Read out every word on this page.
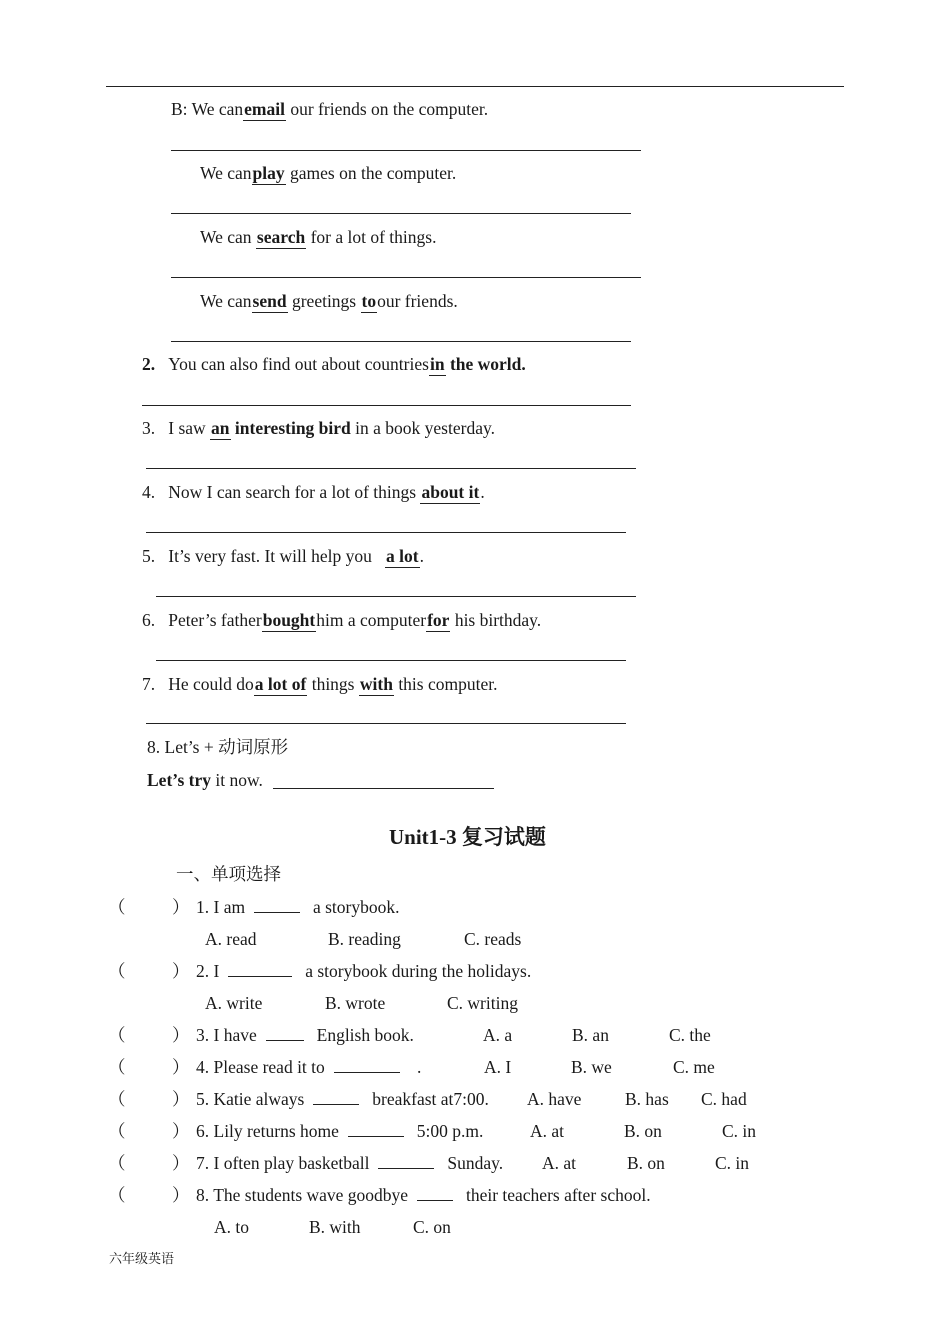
B: We canemail our friends on the computer.
We canplay games on the computer.
We can search for a lot of things.
We cansend greetings toour friends.
2. You can also find out about countriesin the world.
3. I saw an interesting bird in a book yesterday.
4. Now I can search for a lot of things about it.
5. It’s very fast. It will help you a lot.
6. Peter’s fatherboughthim a computerfor his birthday.
7. He could doa lot of things with this computer.
8. Let’s + 动词原形
Let’s try it now.
Unit1-3 复习试题
一、单项选择
（	） 1. I am	a storybook.
A. read	B. reading	C. reads
（	） 2. I	a storybook during the holidays.
A. write	B. wrote	C. writing
（	） 3. I have	English book.	A. a	B. an	C. the
（	） 4. Please read it to	.	A. I	B. we	C. me
（	） 5. Katie always	breakfast at7:00. A. have B. has C. had
（	） 6. Lily returns home	5:00 p.m.	A. at	B. on	C. in
（	） 7. I often play basketball	Sunday. A. at	B. on	C. in
（	） 8. The students wave goodbye	their teachers after school.
A. to	B. with	C. on
六年级英语
